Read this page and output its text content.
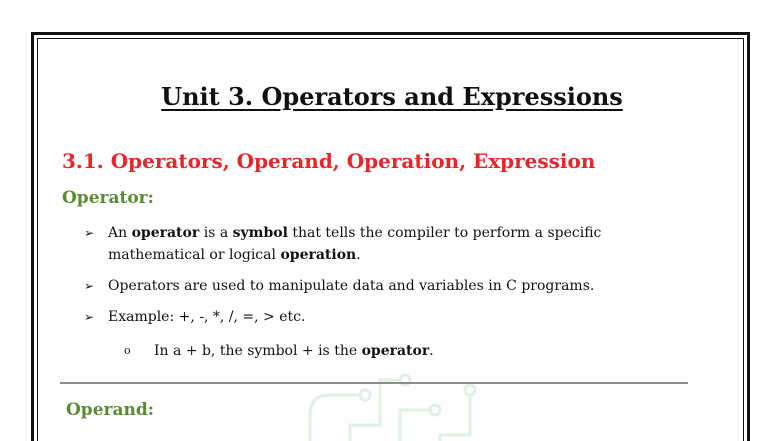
Unit 3. Operators and Expressions
3.1. Operators, Operand, Operation, Expression
Operator:
➢ An operator is a symbol that tells the compiler to perform a specific
mathematical or logical operation.
➢ Operators are used to manipulate data and variables in C programs.
➢ Example: +, -, *, /, =, > etc.
o In a + b, the symbol + is the operator.
Operand:
